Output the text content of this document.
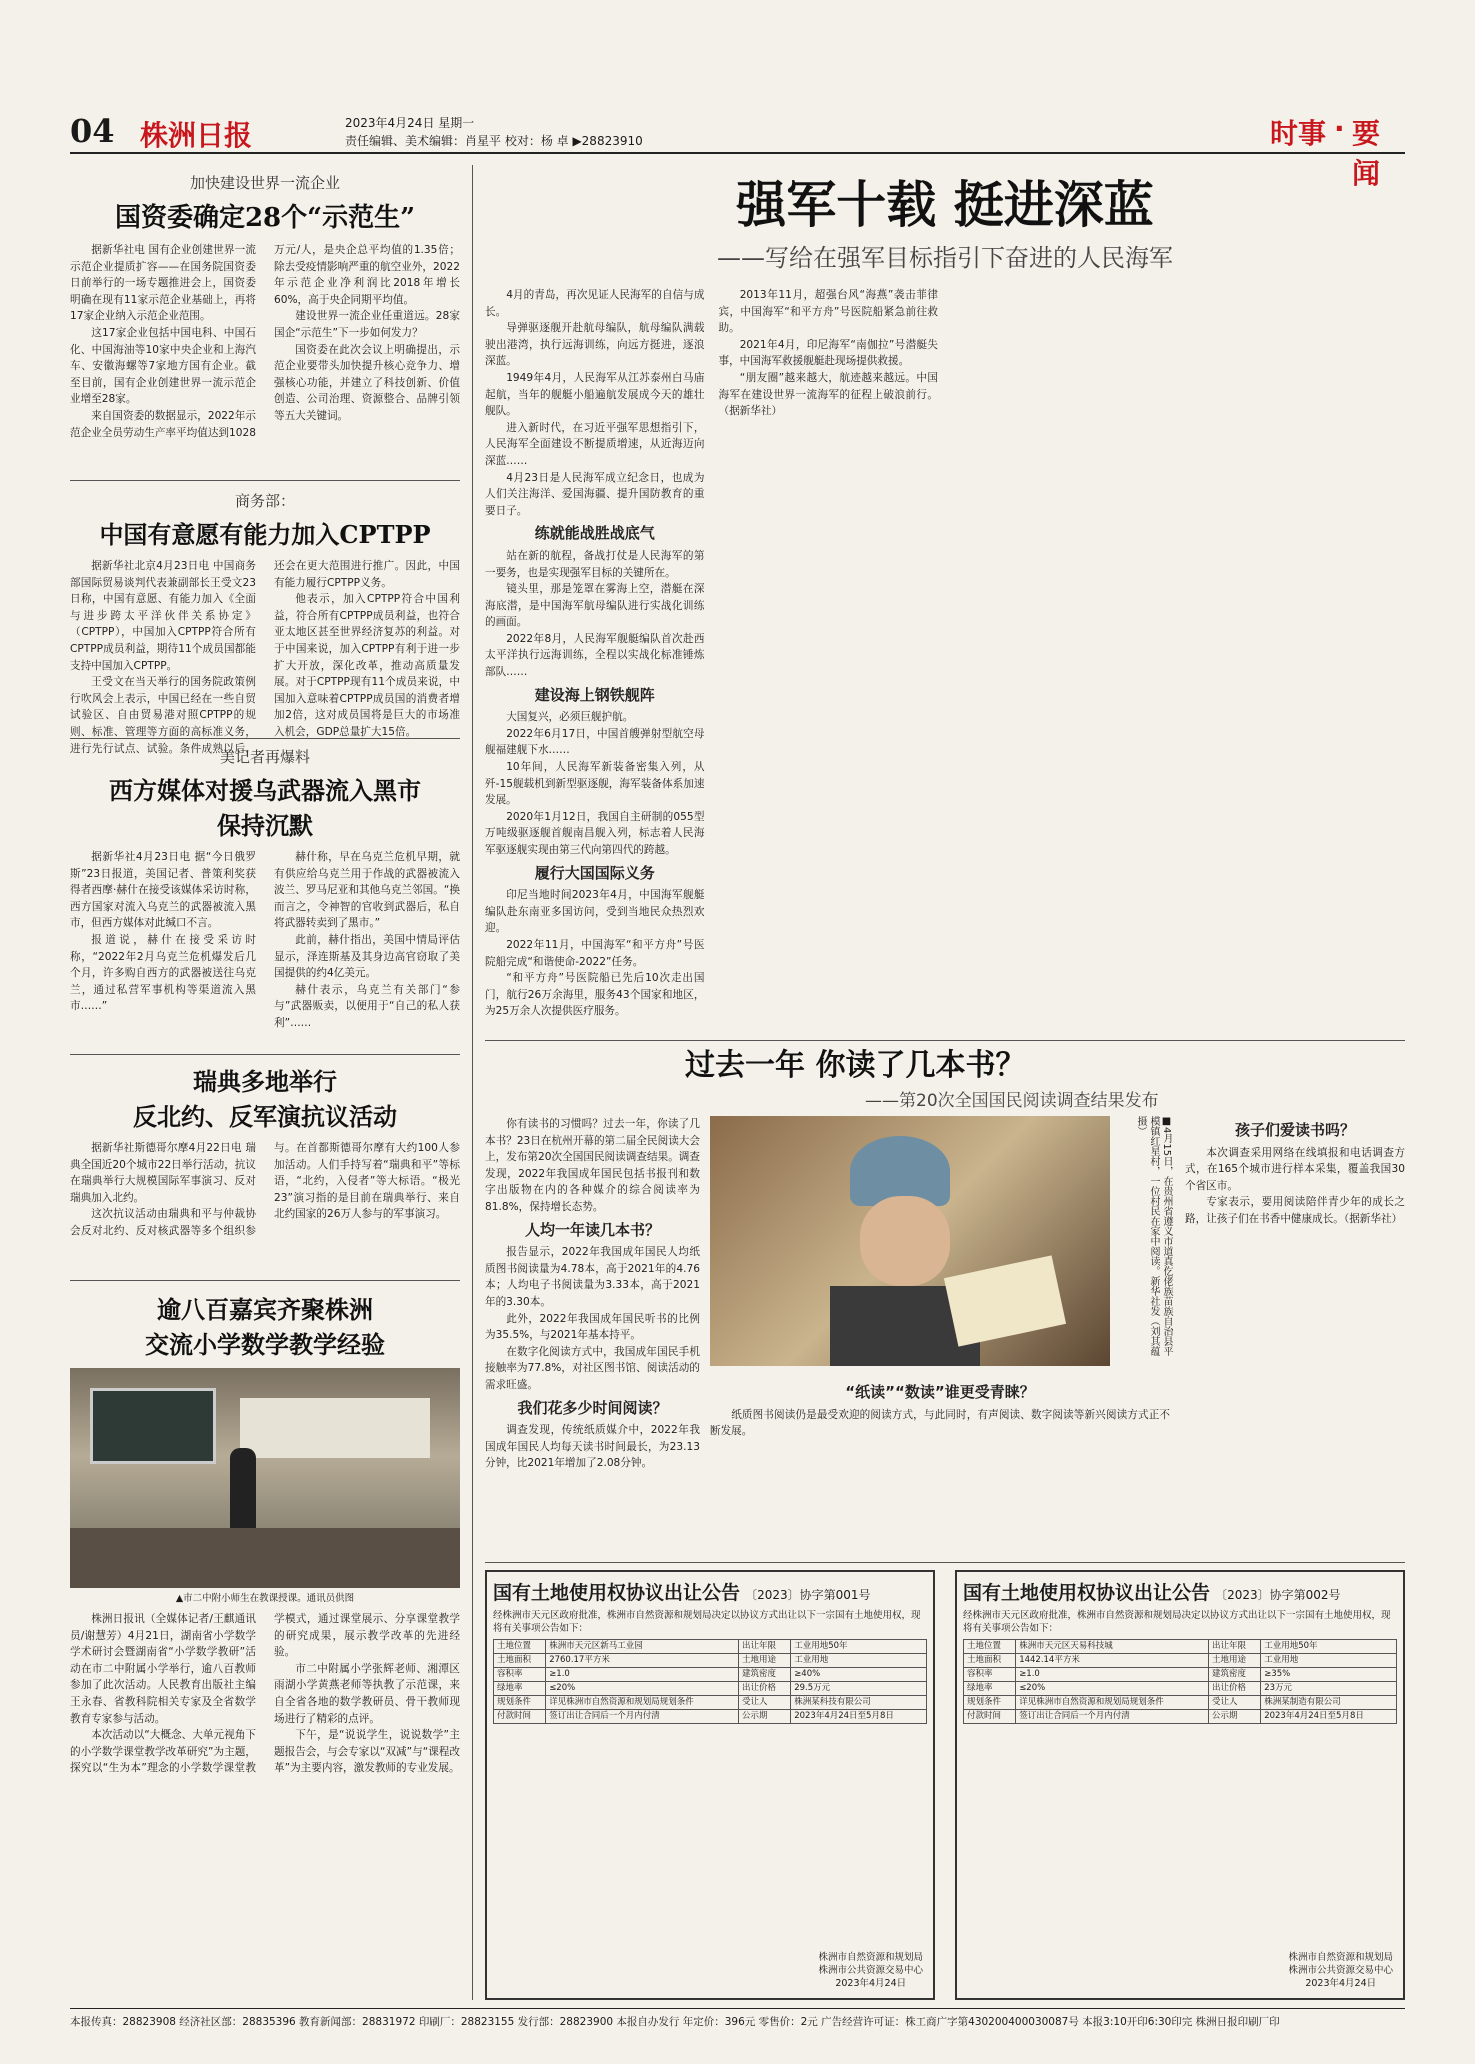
04 株洲日报	2023年4月24日 星期一
责任编辑、美术编辑：肖星平 校对：杨 卓 ▶28823910	时事 · 要闻
加快建设世界一流企业
国资委确定28个“示范生”

据新华社电 国有企业创建世界一流示范企业提质扩容——在国务院国资委日前举行的一场专题推进会上，国资委明确在现有11家示范企业基础上，再将17家企业纳入示范企业范围。

这17家企业包括中国电科、中国石化、中国海油等10家中央企业和上海汽车、安徽海螺等7家地方国有企业。截至目前，国有企业创建世界一流示范企业增至28家。

来自国资委的数据显示，2022年示范企业全员劳动生产率平均值达到1028万元/人，是央企总平均值的1.35倍；除去受疫情影响严重的航空业外，2022年示范企业净利润比2018年增长60%，高于央企同期平均值。

建设世界一流企业任重道远。28家国企“示范生”下一步如何发力？

国资委在此次会议上明确提出，示范企业要带头加快提升核心竞争力、增强核心功能，并建立了科技创新、价值创造、公司治理、资源整合、品牌引领等五大关键词。

商务部：
中国有意愿有能力加入CPTPP

据新华社北京4月23日电 中国商务部国际贸易谈判代表兼副部长王受文23日称，中国有意愿、有能力加入《全面与进步跨太平洋伙伴关系协定》（CPTPP），中国加入CPTPP符合所有CPTPP成员利益，期待11个成员国都能支持中国加入CPTPP。

王受文在当天举行的国务院政策例行吹风会上表示，中国已经在一些自贸试验区、自由贸易港对照CPTPP的规则、标准、管理等方面的高标准义务，进行先行试点、试验。条件成熟以后，还会在更大范围进行推广。因此，中国有能力履行CPTPP义务。

他表示，加入CPTPP符合中国利益，符合所有CPTPP成员利益，也符合亚太地区甚至世界经济复苏的利益。对于中国来说，加入CPTPP有利于进一步扩大开放，深化改革，推动高质量发展。对于CPTPP现有11个成员来说，中国加入意味着CPTPP成员国的消费者增加2倍，这对成员国将是巨大的市场准入机会，GDP总量扩大15倍。

美记者再爆料
西方媒体对援乌武器流入黑市
保持沉默

据新华社4月23日电 据“今日俄罗斯”23日报道，美国记者、普策利奖获得者西摩·赫什在接受该媒体采访时称，西方国家对流入乌克兰的武器被流入黑市，但西方媒体对此缄口不言。

报道说，赫什在接受采访时称，“2022年2月乌克兰危机爆发后几个月，许多购自西方的武器被送往乌克兰，通过私营军事机构等渠道流入黑市……”

赫什称，早在乌克兰危机早期，就有供应给乌克兰用于作战的武器被流入波兰、罗马尼亚和其他乌克兰邻国。“换而言之，令神智的官收到武器后，私自将武器转卖到了黑市。”

此前，赫什指出，美国中情局评估显示，泽连斯基及其身边高官窃取了美国提供的约4亿美元。

赫什表示，乌克兰有关部门“参与”武器贩卖，以便用于“自己的私人获利”……

瑞典多地举行
反北约、反军演抗议活动

据新华社斯德哥尔摩4月22日电 瑞典全国近20个城市22日举行活动，抗议在瑞典举行大规模国际军事演习、反对瑞典加入北约。

这次抗议活动由瑞典和平与仲裁协会反对北约、反对核武器等多个组织参与。在首都斯德哥尔摩有大约100人参加活动。人们手持写着“瑞典和平”等标语，“北约，入侵者”等大标语。“极光23”演习指的是目前在瑞典举行、来自北约国家的26万人参与的军事演习。

逾八百嘉宾齐聚株洲
交流小学数学教学经验
▲市二中附小师生在教课授课。通讯员供图

株洲日报讯（全媒体记者/王麒通讯员/谢慧芳）4月21日，湖南省小学数学学术研讨会暨湖南省“小学数学教研”活动在市二中附属小学举行，逾八百教师参加了此次活动。人民教育出版社主编王永春、省教科院相关专家及全省数学教育专家参与活动。

本次活动以“大概念、大单元视角下的小学数学课堂教学改革研究”为主题，探究以“生为本”理念的小学数学课堂教学模式，通过课堂展示、分享课堂教学的研究成果，展示教学改革的先进经验。

市二中附属小学张辉老师、湘潭区雨湖小学黄燕老师等执教了示范课，来自全省各地的数学教研员、骨干教师现场进行了精彩的点评。

下午，是“说说学生，说说数学”主题报告会，与会专家以“双减”与“课程改革”为主要内容，激发教师的专业发展。

强军十载 挺进深蓝
——写给在强军目标指引下奋进的人民海军

4月的青岛，再次见证人民海军的自信与成长。

导弹驱逐舰开赴航母编队，航母编队满载驶出港湾，执行远海训练，向远方挺进，逐浪深蓝。

1949年4月，人民海军从江苏泰州白马庙起航，当年的舰艇小船遍航发展成今天的雄壮舰队。

进入新时代，在习近平强军思想指引下，人民海军全面建设不断提质增速，从近海迈向深蓝……

4月23日是人民海军成立纪念日，也成为人们关注海洋、爱国海疆、提升国防教育的重要日子。

练就能战胜战底气

站在新的航程，备战打仗是人民海军的第一要务，也是实现强军目标的关键所在。

镜头里，那是笼罩在雾海上空，潜艇在深海底潜，是中国海军航母编队进行实战化训练的画面。

2022年8月，人民海军舰艇编队首次赴西太平洋执行远海训练，全程以实战化标准锤炼部队……

建设海上钢铁舰阵

大国复兴，必须巨舰护航。

2022年6月17日，中国首艘弹射型航空母舰福建舰下水……

10年间，人民海军新装备密集入列，从歼-15舰载机到新型驱逐舰，海军装备体系加速发展。

2020年1月12日，我国自主研制的055型万吨级驱逐舰首舰南昌舰入列，标志着人民海军驱逐舰实现由第三代向第四代的跨越。

履行大国国际义务

印尼当地时间2023年4月，中国海军舰艇编队赴东南亚多国访问，受到当地民众热烈欢迎。

2022年11月，中国海军“和平方舟”号医院船完成“和谐使命-2022”任务。

“和平方舟”号医院船已先后10次走出国门，航行26万余海里，服务43个国家和地区，为25万余人次提供医疗服务。

2013年11月，超强台风“海燕”袭击菲律宾，中国海军“和平方舟”号医院船紧急前往救助。

2021年4月，印尼海军“南伽拉”号潜艇失事，中国海军救援舰艇赴现场提供救援。

“朋友圈”越来越大，航迹越来越远。中国海军在建设世界一流海军的征程上破浪前行。（据新华社）

过去一年 你读了几本书？
——第20次全国国民阅读调查结果发布
■4月15日，在贵州省遵义市道真仡佬族苗族自治县平模镇红星村，一位村民在家中阅读。新华社发（刘其蕴 摄）

你有读书的习惯吗？过去一年，你读了几本书？23日在杭州开幕的第二届全民阅读大会上，发布第20次全国国民阅读调查结果。调查发现，2022年我国成年国民包括书报刊和数字出版物在内的各种媒介的综合阅读率为81.8%，保持增长态势。

人均一年读几本书？

报告显示，2022年我国成年国民人均纸质图书阅读量为4.78本，高于2021年的4.76本；人均电子书阅读量为3.33本，高于2021年的3.30本。

此外，2022年我国成年国民听书的比例为35.5%，与2021年基本持平。

在数字化阅读方式中，我国成年国民手机接触率为77.8%，对社区图书馆、阅读活动的需求旺盛。

我们花多少时间阅读？

调查发现，传统纸质媒介中，2022年我国成年国民人均每天读书时间最长，为23.13分钟，比2021年增加了2.08分钟。

“纸读”“数读”谁更受青睐？

纸质图书阅读仍是最受欢迎的阅读方式，与此同时，有声阅读、数字阅读等新兴阅读方式正不断发展。

孩子们爱读书吗？

本次调查采用网络在线填报和电话调查方式，在165个城市进行样本采集，覆盖我国30个省区市。

专家表示，要用阅读陪伴青少年的成长之路，让孩子们在书香中健康成长。（据新华社）

国有土地使用权协议出让公告 〔2023〕协字第001号
经株洲市天元区政府批准，株洲市自然资源和规划局决定以协议方式出让以下一宗国有土地使用权，现将有关事项公告如下：
土地位置	株洲市天元区新马工业园	出让年限	工业用地50年
土地面积	2760.17平方米	土地用途	工业用地
容积率	≥1.0	建筑密度	≥40%
绿地率	≤20%	出让价格	29.5万元
规划条件	详见株洲市自然资源和规划局规划条件	受让人	株洲某科技有限公司
付款时间	签订出让合同后一个月内付清	公示期	2023年4月24日至5月8日
株洲市自然资源和规划局
株洲市公共资源交易中心
2023年4月24日
国有土地使用权协议出让公告 〔2023〕协字第002号
经株洲市天元区政府批准，株洲市自然资源和规划局决定以协议方式出让以下一宗国有土地使用权，现将有关事项公告如下：
土地位置	株洲市天元区天易科技城	出让年限	工业用地50年
土地面积	1442.14平方米	土地用途	工业用地
容积率	≥1.0	建筑密度	≥35%
绿地率	≤20%	出让价格	23万元
规划条件	详见株洲市自然资源和规划局规划条件	受让人	株洲某制造有限公司
付款时间	签订出让合同后一个月内付清	公示期	2023年4月24日至5月8日
株洲市自然资源和规划局
株洲市公共资源交易中心
2023年4月24日
本报传真：28823908 经济社区部：28835396 教育新闻部：28831972 印刷厂：28823155 发行部：28823900 本报自办发行 年定价：396元 零售价：2元 广告经营许可证：株工商广字第430200400030087号 本报3:10开印6:30印完 株洲日报印刷厂印
